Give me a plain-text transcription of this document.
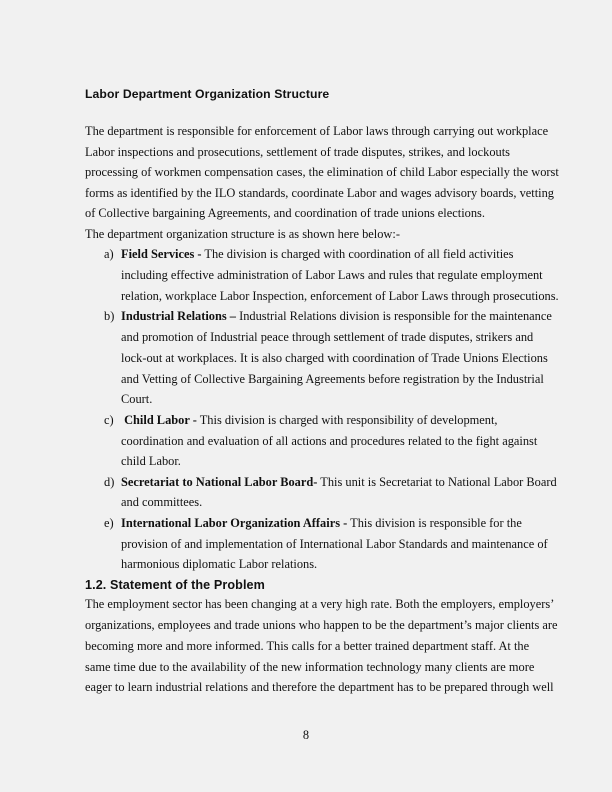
Labor Department Organization Structure
The department is responsible for enforcement of Labor laws through carrying out workplace
Labor inspections and prosecutions, settlement of trade disputes, strikes, and lockouts
processing of workmen compensation cases, the elimination of child Labor especially the worst
forms as identified by the ILO standards, coordinate Labor and wages advisory boards, vetting
of Collective bargaining Agreements, and coordination of trade unions elections.
The department organization structure is as shown here below:-
a) Field Services - The division is charged with coordination of all field activities
including effective administration of Labor Laws and rules that regulate employment
relation, workplace Labor Inspection, enforcement of Labor Laws through prosecutions.
b) Industrial Relations – Industrial Relations division is responsible for the maintenance
and promotion of Industrial peace through settlement of trade disputes, strikers and
lock-out at workplaces. It is also charged with coordination of Trade Unions Elections
and Vetting of Collective Bargaining Agreements before registration by the Industrial
Court.
c) Child Labor - This division is charged with responsibility of development,
coordination and evaluation of all actions and procedures related to the fight against
child Labor.
d) Secretariat to National Labor Board- This unit is Secretariat to National Labor Board
and committees.
e) International Labor Organization Affairs - This division is responsible for the
provision of and implementation of International Labor Standards and maintenance of
harmonious diplomatic Labor relations.
1.2. Statement of the Problem
The employment sector has been changing at a very high rate. Both the employers, employers’
organizations, employees and trade unions who happen to be the department’s major clients are
becoming more and more informed. This calls for a better trained department staff. At the
same time due to the availability of the new information technology many clients are more
eager to learn industrial relations and therefore the department has to be prepared through well
8
